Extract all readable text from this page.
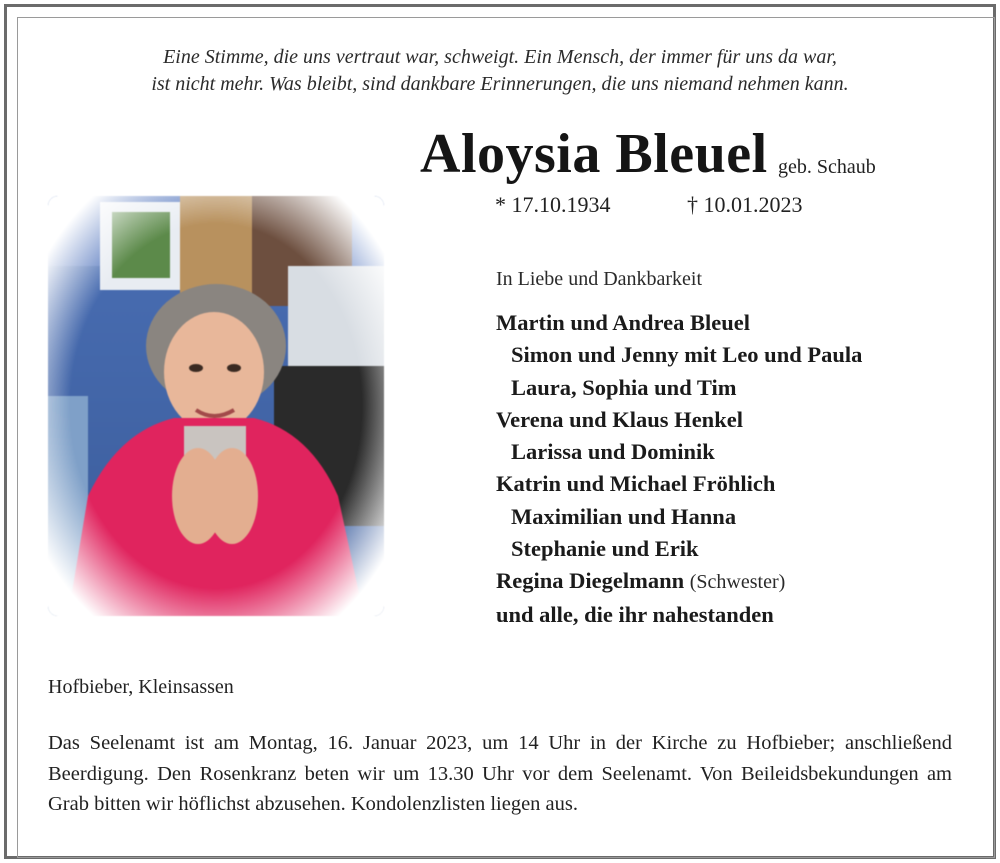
Eine Stimme, die uns vertraut war, schweigt. Ein Mensch, der immer für uns da war,
ist nicht mehr. Was bleibt, sind dankbare Erinnerungen, die uns niemand nehmen kann.
Aloysia Bleuel geb. Schaub
* 17.10.1934	† 10.01.2023
In Liebe und Dankbarkeit
Martin und Andrea Bleuel
Simon und Jenny mit Leo und Paula
Laura, Sophia und Tim
Verena und Klaus Henkel
Larissa und Dominik
Katrin und Michael Fröhlich
Maximilian und Hanna
Stephanie und Erik
Regina Diegelmann (Schwester)
und alle, die ihr nahestanden
Hofbieber, Kleinsassen
Das Seelenamt ist am Montag, 16. Januar 2023, um 14 Uhr in der Kirche zu Hofbieber; anschließend Beerdigung. Den Rosenkranz beten wir um 13.30 Uhr vor dem Seelenamt. Von Beileidsbekundungen am Grab bitten wir höflichst abzusehen. Kondolenzlisten liegen aus.
